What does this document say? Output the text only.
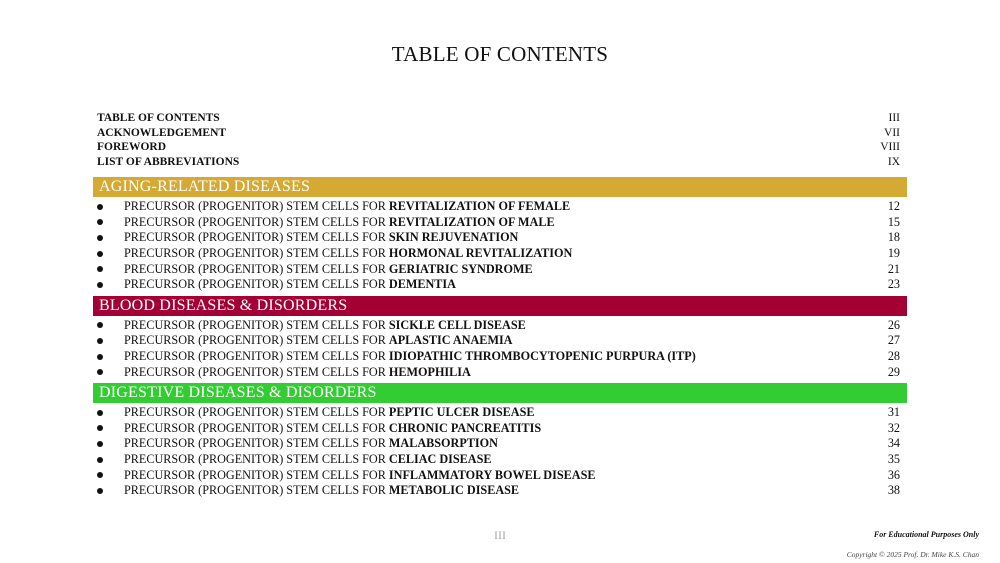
TABLE OF CONTENTS
TABLE OF CONTENTS	III
ACKNOWLEDGEMENT	VII
FOREWORD	VIII
LIST OF ABBREVIATIONS	IX
AGING-RELATED DISEASES
PRECURSOR (PROGENITOR) STEM CELLS FOR REVITALIZATION OF FEMALE	12
PRECURSOR (PROGENITOR) STEM CELLS FOR REVITALIZATION OF MALE	15
PRECURSOR (PROGENITOR) STEM CELLS FOR SKIN REJUVENATION	18
PRECURSOR (PROGENITOR) STEM CELLS FOR HORMONAL REVITALIZATION	19
PRECURSOR (PROGENITOR) STEM CELLS FOR GERIATRIC SYNDROME	21
PRECURSOR (PROGENITOR) STEM CELLS FOR DEMENTIA	23
BLOOD DISEASES & DISORDERS
PRECURSOR (PROGENITOR) STEM CELLS FOR SICKLE CELL DISEASE	26
PRECURSOR (PROGENITOR) STEM CELLS FOR APLASTIC ANAEMIA	27
PRECURSOR (PROGENITOR) STEM CELLS FOR IDIOPATHIC THROMBOCYTOPENIC PURPURA (ITP)	28
PRECURSOR (PROGENITOR) STEM CELLS FOR HEMOPHILIA	29
DIGESTIVE DISEASES & DISORDERS
PRECURSOR (PROGENITOR) STEM CELLS FOR PEPTIC ULCER DISEASE	31
PRECURSOR (PROGENITOR) STEM CELLS FOR CHRONIC PANCREATITIS	32
PRECURSOR (PROGENITOR) STEM CELLS FOR MALABSORPTION	34
PRECURSOR (PROGENITOR) STEM CELLS FOR CELIAC DISEASE	35
PRECURSOR (PROGENITOR) STEM CELLS FOR INFLAMMATORY BOWEL DISEASE	36
PRECURSOR (PROGENITOR) STEM CELLS FOR METABOLIC DISEASE	38
III	For Educational Purposes Only
Copyright © 2025 Prof. Dr. Mike K.S. Chan
